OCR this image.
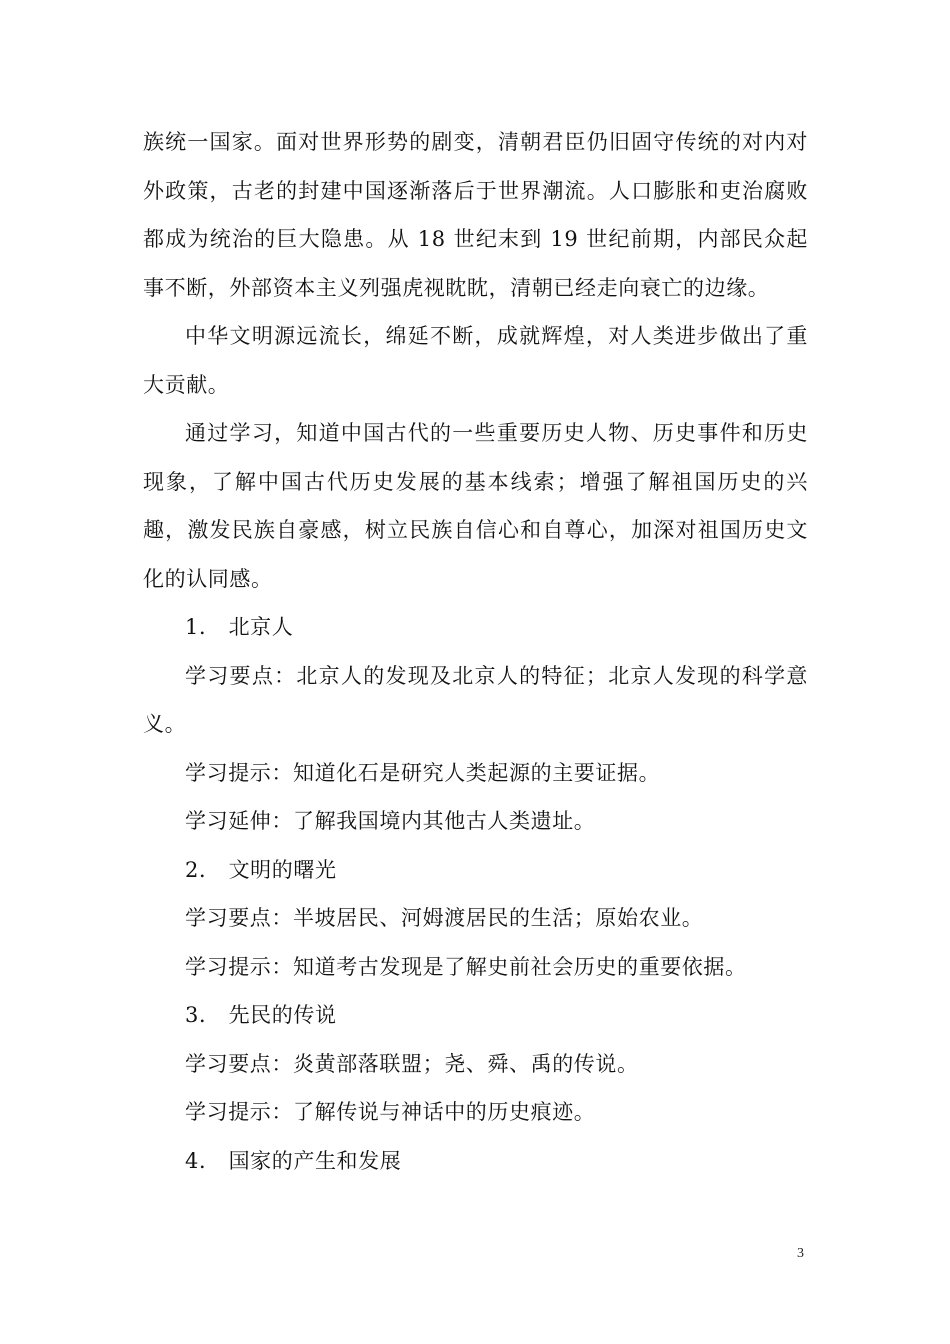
族统一国家。面对世界形势的剧变，清朝君臣仍旧固守传统的对内对外政策，古老的封建中国逐渐落后于世界潮流。人口膨胀和吏治腐败都成为统治的巨大隐患。从 18 世纪末到 19 世纪前期，内部民众起事不断，外部资本主义列强虎视眈眈，清朝已经走向衰亡的边缘。

中华文明源远流长，绵延不断，成就辉煌，对人类进步做出了重大贡献。

通过学习，知道中国古代的一些重要历史人物、历史事件和历史现象，了解中国古代历史发展的基本线索；增强了解祖国历史的兴趣，激发民族自豪感，树立民族自信心和自尊心，加深对祖国历史文化的认同感。

1． 北京人

学习要点：北京人的发现及北京人的特征；北京人发现的科学意义。

学习提示：知道化石是研究人类起源的主要证据。

学习延伸：了解我国境内其他古人类遗址。

2． 文明的曙光

学习要点：半坡居民、河姆渡居民的生活；原始农业。

学习提示：知道考古发现是了解史前社会历史的重要依据。

3． 先民的传说

学习要点：炎黄部落联盟；尧、舜、禹的传说。

学习提示：了解传说与神话中的历史痕迹。

4． 国家的产生和发展

3
